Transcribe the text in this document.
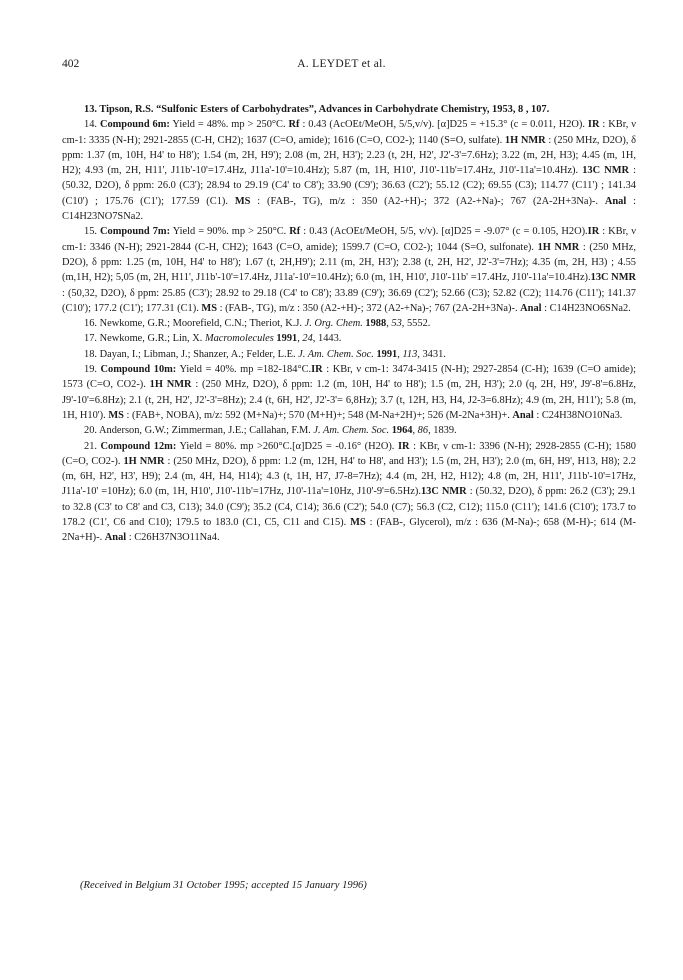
402	A. LEYDET et al.

13. Tipson, R.S. “Sulfonic Esters of Carbohydrates”, Advances in Carbohydrate Chemistry, 1953, 8 , 107.

14. Compound 6m: Yield = 48%. mp > 250°C. Rf : 0.43 (AcOEt/MeOH, 5/5,v/v). [α]D25 = +15.3° (c = 0.011, H2O). IR : KBr, ν cm-1: 3335 (N-H); 2921-2855 (C-H, CH2); 1637 (C=O, amide); 1616 (C=O, CO2-); 1140 (S=O, sulfate). 1H NMR : (250 MHz, D2O), δ ppm: 1.37 (m, 10H, H4' to H8'); 1.54 (m, 2H, H9'); 2.08 (m, 2H, H3'); 2.23 (t, 2H, H2', J2'-3'=7.6Hz); 3.22 (m, 2H, H3); 4.45 (m, 1H, H2); 4.93 (m, 2H, H11', J11b'-10'=17.4Hz, J11a'-10'=10.4Hz); 5.87 (m, 1H, H10', J10'-11b'=17.4Hz, J10'-11a'=10.4Hz). 13C NMR : (50.32, D2O), δ ppm: 26.0 (C3'); 28.94 to 29.19 (C4' to C8'); 33.90 (C9'); 36.63 (C2'); 55.12 (C2); 69.55 (C3); 114.77 (C11') ; 141.34 (C10') ; 175.76 (C1'); 177.59 (C1). MS : (FAB-, TG), m/z : 350 (A2-+H)-; 372 (A2-+Na)-; 767 (2A-2H+3Na)-. Anal : C14H23NO7SNa2.

15. Compound 7m: Yield = 90%. mp > 250°C. Rf : 0.43 (AcOEt/MeOH, 5/5, v/v). [α]D25 = -9.07° (c = 0.105, H2O).IR : KBr, ν cm-1: 3346 (N-H); 2921-2844 (C-H, CH2); 1643 (C=O, amide); 1599.7 (C=O, CO2-); 1044 (S=O, sulfonate). 1H NMR : (250 MHz, D2O), δ ppm: 1.25 (m, 10H, H4' to H8'); 1.67 (t, 2H,H9'); 2.11 (m, 2H, H3'); 2.38 (t, 2H, H2', J2'-3'=7Hz); 4.35 (m, 2H, H3) ; 4.55 (m,1H, H2); 5,05 (m, 2H, H11', J11b'-10'=17.4Hz, J11a'-10'=10.4Hz); 6.0 (m, 1H, H10', J10'-11b' =17.4Hz, J10'-11a'=10.4Hz).13C NMR : (50,32, D2O), δ ppm: 25.85 (C3'); 28.92 to 29.18 (C4' to C8'); 33.89 (C9'); 36.69 (C2'); 52.66 (C3); 52.82 (C2); 114.76 (C11'); 141.37 (C10'); 177.2 (C1'); 177.31 (C1). MS : (FAB-, TG), m/z : 350 (A2-+H)-; 372 (A2-+Na)-; 767 (2A-2H+3Na)-. Anal : C14H23NO6SNa2.

16. Newkome, G.R.; Moorefield, C.N.; Theriot, K.J. J. Org. Chem. 1988, 53, 5552.

17. Newkome, G.R.; Lin, X. Macromolecules 1991, 24, 1443.

18. Dayan, I.; Libman, J.; Shanzer, A.; Felder, L.E. J. Am. Chem. Soc. 1991, 113, 3431.

19. Compound 10m: Yield = 40%. mp =182-184°C.IR : KBr, ν cm-1: 3474-3415 (N-H); 2927-2854 (C-H); 1639 (C=O amide); 1573 (C=O, CO2-). 1H NMR : (250 MHz, D2O), δ ppm: 1.2 (m, 10H, H4' to H8'); 1.5 (m, 2H, H3'); 2.0 (q, 2H, H9', J9'-8'=6.8Hz, J9'-10'=6.8Hz); 2.1 (t, 2H, H2', J2'-3'=8Hz); 2.4 (t, 6H, H2', J2'-3'= 6,8Hz); 3.7 (t, 12H, H3, H4, J2-3=6.8Hz); 4.9 (m, 2H, H11'); 5.8 (m, 1H, H10'). MS : (FAB+, NOBA), m/z: 592 (M+Na)+; 570 (M+H)+; 548 (M-Na+2H)+; 526 (M-2Na+3H)+. Anal : C24H38NO10Na3.

20. Anderson, G.W.; Zimmerman, J.E.; Callahan, F.M. J. Am. Chem. Soc. 1964, 86, 1839.

21. Compound 12m: Yield = 80%. mp >260°C.[α]D25 = -0.16° (H2O). IR : KBr, ν cm-1: 3396 (N-H); 2928-2855 (C-H); 1580 (C=O, CO2-). 1H NMR : (250 MHz, D2O), δ ppm: 1.2 (m, 12H, H4' to H8', and H3'); 1.5 (m, 2H, H3'); 2.0 (m, 6H, H9', H13, H8); 2.2 (m, 6H, H2', H3', H9); 2.4 (m, 4H, H4, H14); 4.3 (t, 1H, H7, J7-8=7Hz); 4.4 (m, 2H, H2, H12); 4.8 (m, 2H, H11', J11b'-10'=17Hz, J11a'-10' =10Hz); 6.0 (m, 1H, H10', J10'-11b'=17Hz, J10'-11a'=10Hz, J10'-9'=6.5Hz).13C NMR : (50.32, D2O), δ ppm: 26.2 (C3'); 29.1 to 32.8 (C3' to C8' and C3, C13); 34.0 (C9'); 35.2 (C4, C14); 36.6 (C2'); 54.0 (C7); 56.3 (C2, C12); 115.0 (C11'); 141.6 (C10'); 173.7 to 178.2 (C1', C6 and C10); 179.5 to 183.0 (C1, C5, C11 and C15). MS : (FAB-, Glycerol), m/z : 636 (M-Na)-; 658 (M-H)-; 614 (M-2Na+H)-. Anal : C26H37N3O11Na4.

(Received in Belgium 31 October 1995; accepted 15 January 1996)
